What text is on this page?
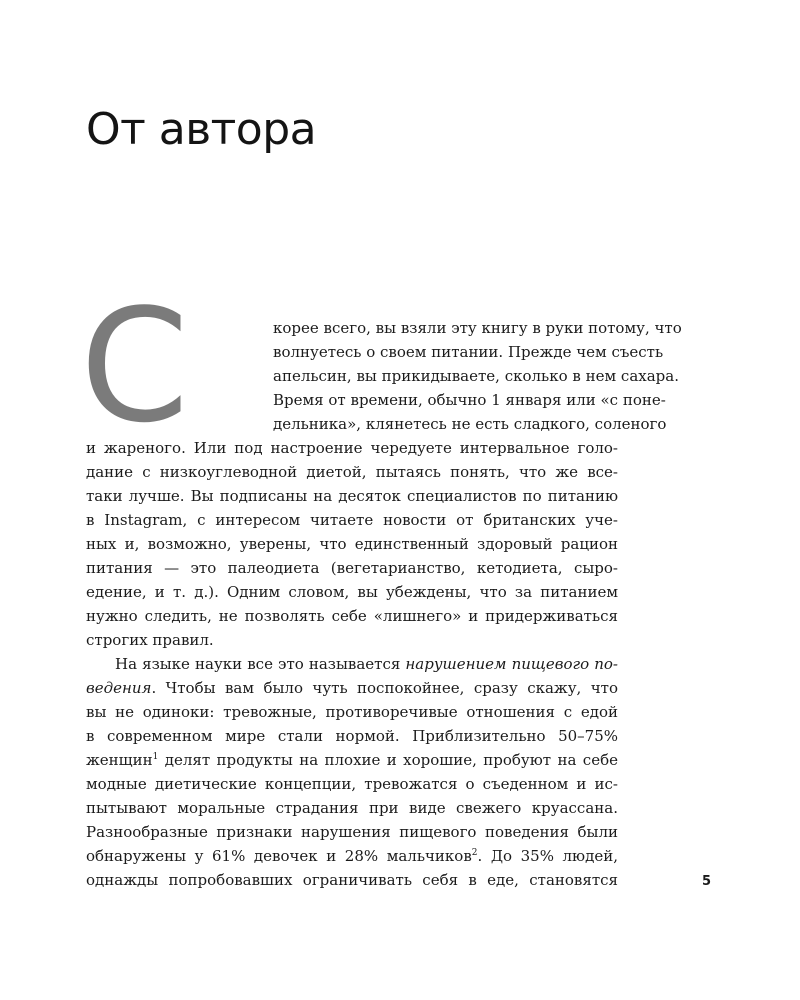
От автора
С	корее всего, вы взяли эту книгу в руки потому, что
волнуетесь о своем питании. Прежде чем съесть
апельсин, вы прикидываете, сколько в нем сахара.
Время от времени, обычно 1 января или «с поне-
дельника», клянетесь не есть сладкого, соленого
и жареного. Или под настроение чередуете интервальное голо-
дание с низкоуглеводной диетой, пытаясь понять, что же все-
таки лучше. Вы подписаны на десяток специалистов по питанию
в Instagram, с интересом читаете новости от британских уче-
ных и, возможно, уверены, что единственный здоровый рацион
питания — это палеодиета (вегетарианство, кетодиета, сыро-
едение, и т. д.). Одним словом, вы убеждены, что за питанием
нужно следить, не позволять себе «лишнего» и придерживаться
строгих правил.
На языке науки все это называется нарушением пищевого по-
ведения. Чтобы вам было чуть поспокойнее, сразу скажу, что
вы не одиноки: тревожные, противоречивые отношения с едой
в современном мире стали нормой. Приблизительно 50–75%
женщин$^1$ делят продукты на плохие и хорошие, пробуют на себе
модные диетические концепции, тревожатся о съеденном и ис-
пытывают моральные страдания при виде свежего круассана.
Разнообразные признаки нарушения пищевого поведения были
обнаружены у 61% девочек и 28% мальчиков$^2$. До 35% людей,
однажды попробовавших ограничивать себя в еде, становятся	5
